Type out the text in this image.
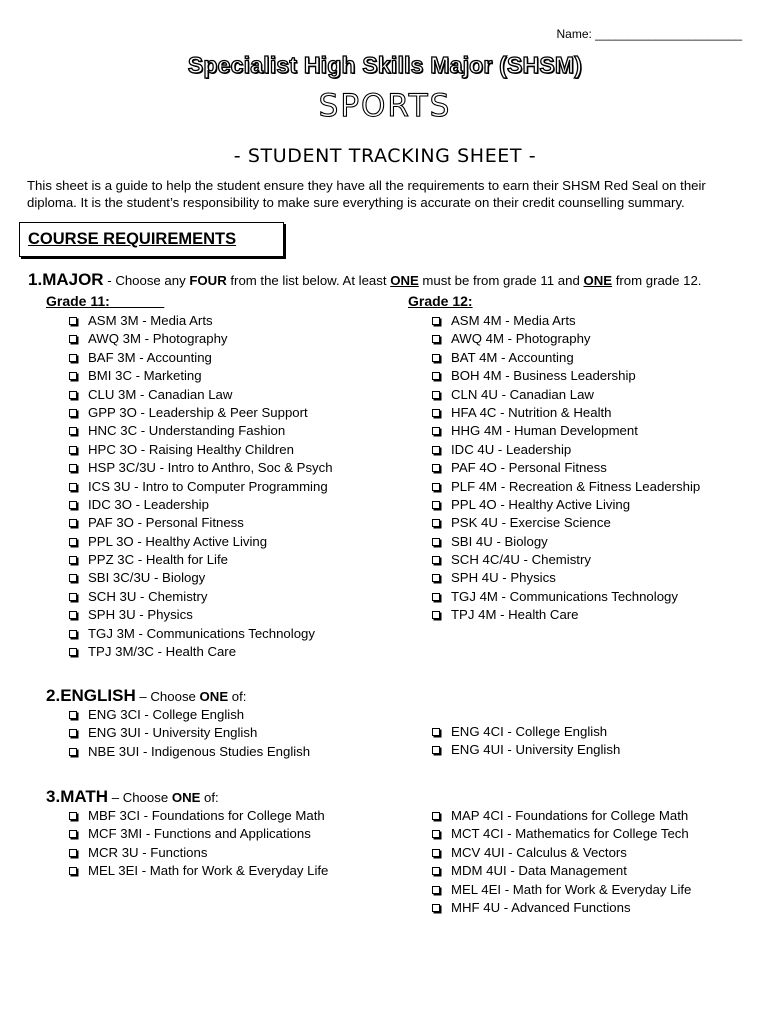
Name: ______________________
Specialist High Skills Major (SHSM)
SPORTS
- STUDENT TRACKING SHEET -
This sheet is a guide to help the student ensure they have all the requirements to earn their SHSM Red Seal on their diploma. It is the student’s responsibility to make sure everything is accurate on their credit counselling summary.
COURSE REQUIREMENTS
1.MAJOR - Choose any FOUR from the list below. At least ONE must be from grade 11 and ONE from grade 12.
Grade 11:	Grade 12:
ASM 3M - Media Arts
AWQ 3M - Photography
BAF 3M - Accounting
BMI 3C - Marketing
CLU 3M - Canadian Law
GPP 3O - Leadership & Peer Support
HNC 3C - Understanding Fashion
HPC 3O - Raising Healthy Children
HSP 3C/3U - Intro to Anthro, Soc & Psych
ICS 3U - Intro to Computer Programming
IDC 3O - Leadership
PAF 3O - Personal Fitness
PPL 3O - Healthy Active Living
PPZ 3C - Health for Life
SBI 3C/3U - Biology
SCH 3U - Chemistry
SPH 3U - Physics
TGJ 3M - Communications Technology
TPJ 3M/3C - Health Care
ASM 4M - Media Arts
AWQ 4M - Photography
BAT 4M - Accounting
BOH 4M - Business Leadership
CLN 4U - Canadian Law
HFA 4C - Nutrition & Health
HHG 4M - Human Development
IDC 4U - Leadership
PAF 4O - Personal Fitness
PLF 4M - Recreation & Fitness Leadership
PPL 4O - Healthy Active Living
PSK 4U - Exercise Science
SBI 4U - Biology
SCH 4C/4U - Chemistry
SPH 4U - Physics
TGJ 4M - Communications Technology
TPJ 4M - Health Care
2.ENGLISH – Choose ONE of:
ENG 3CI - College English
ENG 3UI - University English
NBE 3UI - Indigenous Studies English
ENG 4CI - College English
ENG 4UI - University English
3.MATH – Choose ONE of:
MBF 3CI - Foundations for College Math
MCF 3MI - Functions and Applications
MCR 3U - Functions
MEL 3EI - Math for Work & Everyday Life
MAP 4CI - Foundations for College Math
MCT 4CI - Mathematics for College Tech
MCV 4UI - Calculus & Vectors
MDM 4UI - Data Management
MEL 4EI - Math for Work & Everyday Life
MHF 4U - Advanced Functions
